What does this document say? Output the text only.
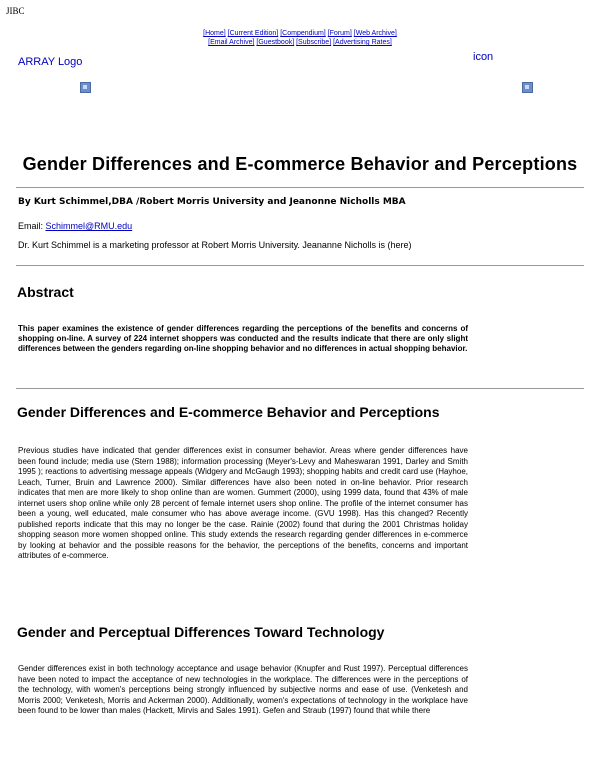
JIBC
[Home] [Current Edition] [Compendium] [Forum] [Web Archive]
[Email Archive] [Guestbook] [Subscribe] [Advertising Rates]
ARRAY Logo	icon
Gender Differences and E-commerce Behavior and Perceptions
By Kurt Schimmel,DBA /Robert Morris University and Jeanonne Nicholls MBA
Email: Schimmel@RMU.edu
Dr. Kurt Schimmel is a marketing professor at Robert Morris University. Jeananne Nicholls is (here)
Abstract
This paper examines the existence of gender differences regarding the perceptions of the benefits and concerns of shopping on-line. A survey of 224 internet shoppers was conducted and the results indicate that there are only slight differences between the genders regarding on-line shopping behavior and no differences in actual shopping behavior.
Gender Differences and E-commerce Behavior and Perceptions
Previous studies have indicated that gender differences exist in consumer behavior. Areas where gender differences have been found include; media use (Stern 1988); information processing (Meyer's-Levy and Maheswaran 1991, Darley and Smith 1995 ); reactions to advertising message appeals (Widgery and McGaugh 1993); shopping habits and credit card use (Hayhoe, Leach, Turner, Bruin and Lawrence 2000). Similar differences have also been noted in on-line behavior. Prior research indicates that men are more likely to shop online than are women. Gummert (2000), using 1999 data, found that 43% of male internet users shop online while only 28 percent of female internet users shop online. The profile of the internet consumer has been a young, well educated, male consumer who has above average income. (GVU 1998). Has this changed? Recently published reports indicate that this may no longer be the case. Rainie (2002) found that during the 2001 Christmas holiday shopping season more women shopped online. This study extends the research regarding gender differences in e-commerce by looking at behavior and the possible reasons for the behavior, the perceptions of the benefits, concerns and important attributes of e-commerce.
Gender and Perceptual Differences Toward Technology
Gender differences exist in both technology acceptance and usage behavior (Knupfer and Rust 1997). Perceptual differences have been noted to impact the acceptance of new technologies in the workplace. The differences were in the perceptions of the technology, with women's perceptions being strongly influenced by subjective norms and ease of use. (Venketesh and Morris 2000; Venketesh, Morris and Ackerman 2000). Additionally, women's expectations of technology in the workplace have been found to be lower than males (Hackett, Mirvis and Sales 1991). Gefen and Straub (1997) found that while there
